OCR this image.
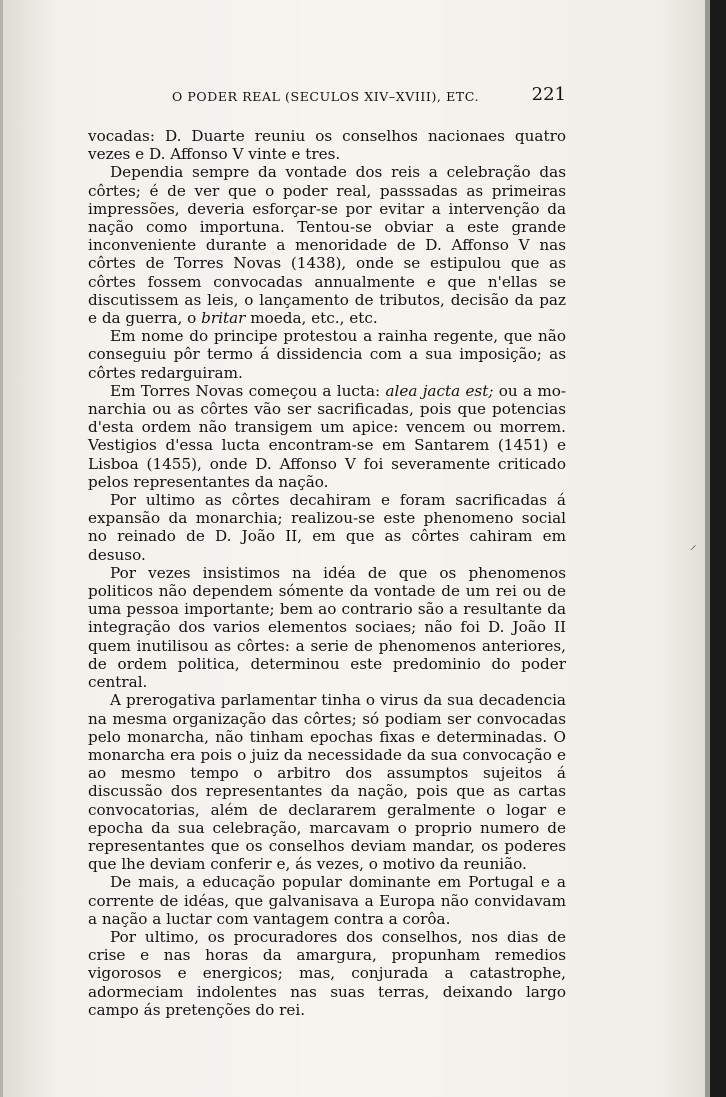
⸝
O PODER REAL (SECULOS XIV–XVIII), ETC.	221

vocadas: D. Duarte reuniu os conselhos nacionaes quatro vezes e D. Affonso V vinte e tres.

Dependia sempre da vontade dos reis a celebração das côrtes; é de ver que o poder real, passsadas as primeiras impressões, deveria esforçar-se por evitar a intervenção da nação como importuna. Tentou-se obviar a este grande inconveniente durante a menoridade de D. Affonso V nas côrtes de Torres Novas (1438), onde se estipulou que as côrtes fossem convocadas annualmente e que n'ellas se discutissem as leis, o lançamento de tributos, decisão da paz e da guerra, o britar moeda, etc., etc.

Em nome do principe protestou a rainha regente, que não conseguiu pôr termo á dissidencia com a sua imposição; as côrtes redarguiram.

Em Torres Novas começou a lucta: alea jacta est; ou a monarchia ou as côrtes vão ser sacrificadas, pois que potencias d'esta ordem não transigem um apice: vencem ou morrem. Vestigios d'essa lucta encontram-se em Santarem (1451) e Lisboa (1455), onde D. Affonso V foi severamente criticado pelos representantes da nação.

Por ultimo as côrtes decahiram e foram sacrificadas á expansão da monarchia; realizou-se este phenomeno social no reinado de D. João II, em que as côrtes cahiram em desuso.

Por vezes insistimos na idéa de que os phenomenos politicos não dependem sómente da vontade de um rei ou de uma pessoa importante; bem ao contrario são a resultante da integração dos varios elementos sociaes; não foi D. João II quem inutilisou as côrtes: a serie de phenomenos anteriores, de ordem politica, determinou este predominio do poder central.

A prerogativa parlamentar tinha o virus da sua decadencia na mesma organização das côrtes; só podiam ser convocadas pelo monarcha, não tinham epochas fixas e determinadas. O monarcha era pois o juiz da necessidade da sua convocação e ao mesmo tempo o arbitro dos assumptos sujeitos á discussão dos representantes da nação, pois que as cartas convocatorias, além de declararem geralmente o logar e epocha da sua celebração, marcavam o proprio numero de representantes que os conselhos deviam mandar, os poderes que lhe deviam conferir e, ás vezes, o motivo da reunião.

De mais, a educação popular dominante em Portugal e a corrente de idéas, que galvanisava a Europa não convidavam a nação a luctar com vantagem contra a corôa.

Por ultimo, os procuradores dos conselhos, nos dias de crise e nas horas da amargura, propunham remedios vigorosos e energicos; mas, conjurada a catastrophe, adormeciam indolentes nas suas terras, deixando largo campo ás pretenções do rei.
